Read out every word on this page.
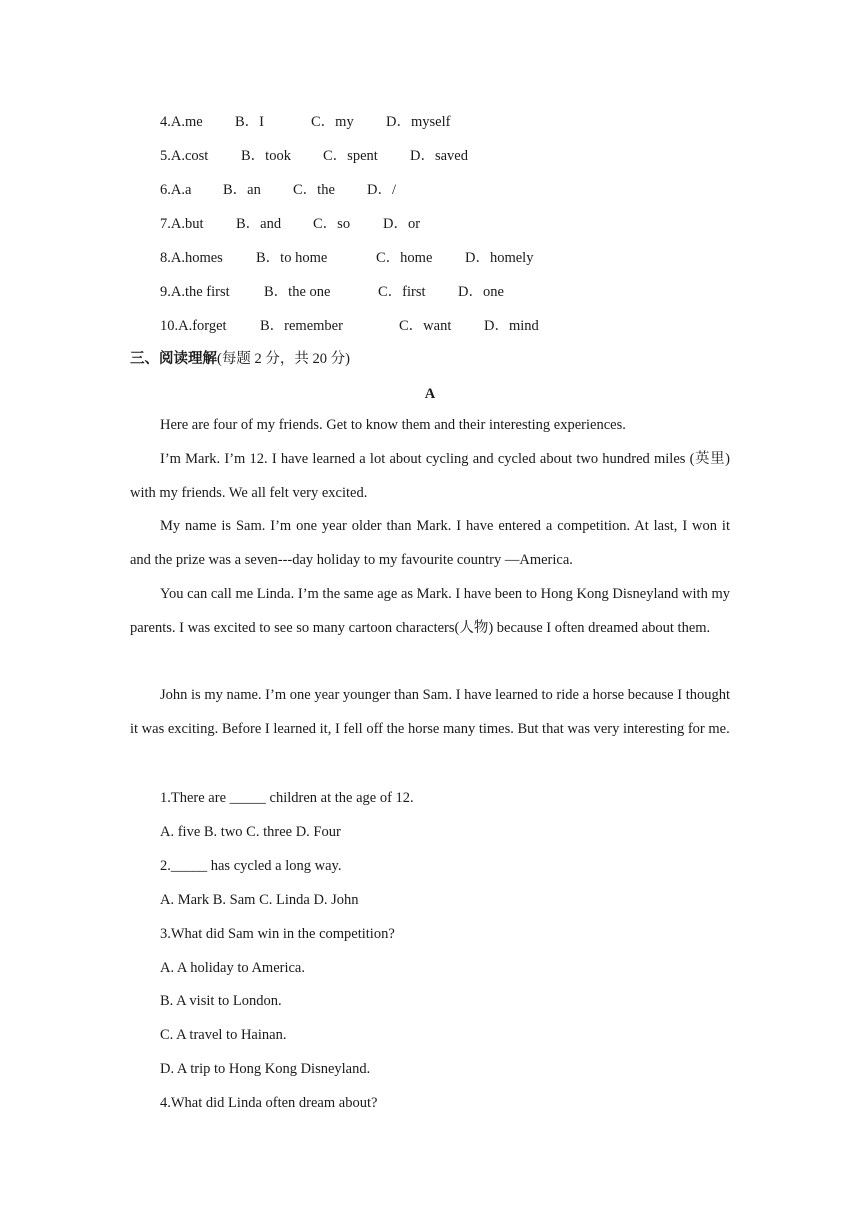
4.A.me B．I	C．my D．myself
5.A.cost B．took C．spent D．saved
6.A.a B．an C．the D．/
7.A.but B．and C．so D．or
8.A.homes B．to home	C．home D．homely
9.A.the first B．the one	C．first D．one
10.A.forget B．remember	C．want D．mind
三、阅读理解(每题 2 分，共 20 分)
A
Here are four of my friends. Get to know them and their interesting experiences.
I’m Mark. I’m 12. I have learned a lot about cycling and cycled about two hundred miles (英里) with my friends. We all felt very excited.
My name is Sam. I’m one year older than Mark. I have entered a competition. At last, I won it and the prize was a seven---day holiday to my favourite country —America.
You can call me Linda. I’m the same age as Mark. I have been to Hong Kong Disneyland with my parents. I was excited to see so many cartoon characters(人物) because I often dreamed about them.
John is my name. I’m one year younger than Sam. I have learned to ride a horse because I thought it was exciting. Before I learned it, I fell off the horse many times. But that was very interesting for me.
1.There are _____ children at the age of 12.
A. five B. two C. three D. Four
2._____ has cycled a long way.
A. Mark B. Sam C. Linda D. John
3.What did Sam win in the competition?
A. A holiday to America.
B. A visit to London.
C. A travel to Hainan.
D. A trip to Hong Kong Disneyland.
4.What did Linda often dream about?
